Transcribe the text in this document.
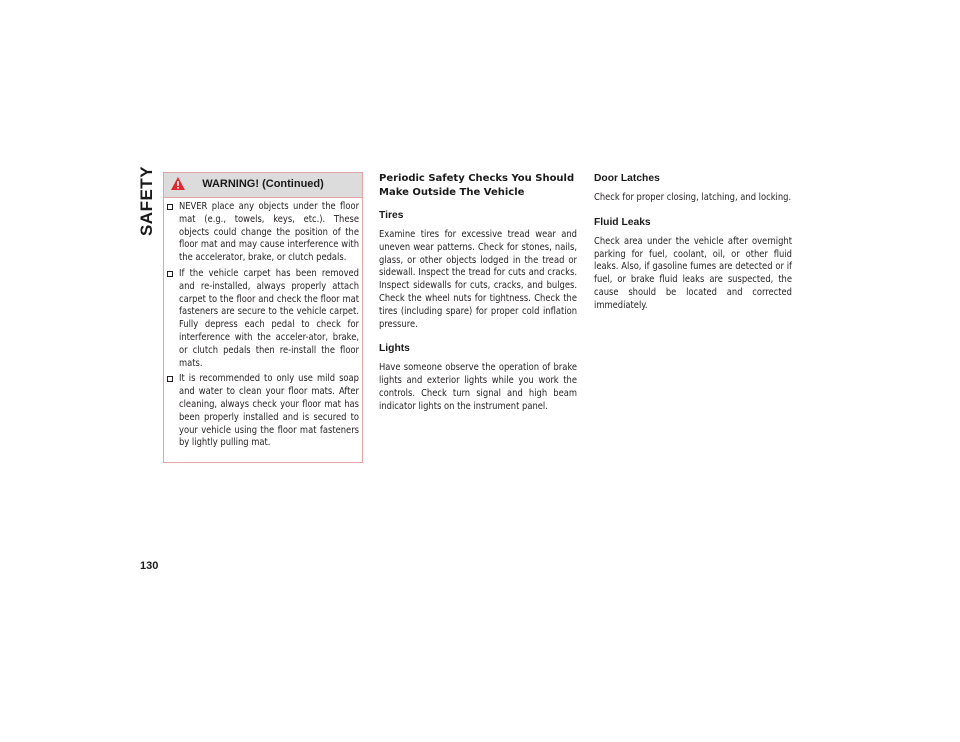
SAFETY	WARNING! (Continued)
NEVER place any objects under the floor mat (e.g., towels, keys, etc.). These objects could change the position of the floor mat and may cause interference with the accelerator, brake, or clutch pedals.
If the vehicle carpet has been removed and re-installed, always properly attach carpet to the floor and check the floor mat fasteners are secure to the vehicle carpet. Fully depress each pedal to check for interference with the acceler-ator, brake, or clutch pedals then re-install the floor mats.
It is recommended to only use mild soap and water to clean your floor mats. After cleaning, always check your floor mat has been properly installed and is secured to your vehicle using the floor mat fasteners by lightly pulling mat.
Periodic Safety Checks You Should Make Outside The Vehicle
Tires

Examine tires for excessive tread wear and uneven wear patterns. Check for stones, nails, glass, or other objects lodged in the tread or sidewall. Inspect the tread for cuts and cracks. Inspect sidewalls for cuts, cracks, and bulges. Check the wheel nuts for tightness. Check the tires (including spare) for proper cold inflation pressure.

Lights

Have someone observe the operation of brake lights and exterior lights while you work the controls. Check turn signal and high beam indicator lights on the instrument panel.

Door Latches

Check for proper closing, latching, and locking.

Fluid Leaks

Check area under the vehicle after overnight parking for fuel, coolant, oil, or other fluid leaks. Also, if gasoline fumes are detected or if fuel, or brake fluid leaks are suspected, the cause should be located and corrected immediately.

130
